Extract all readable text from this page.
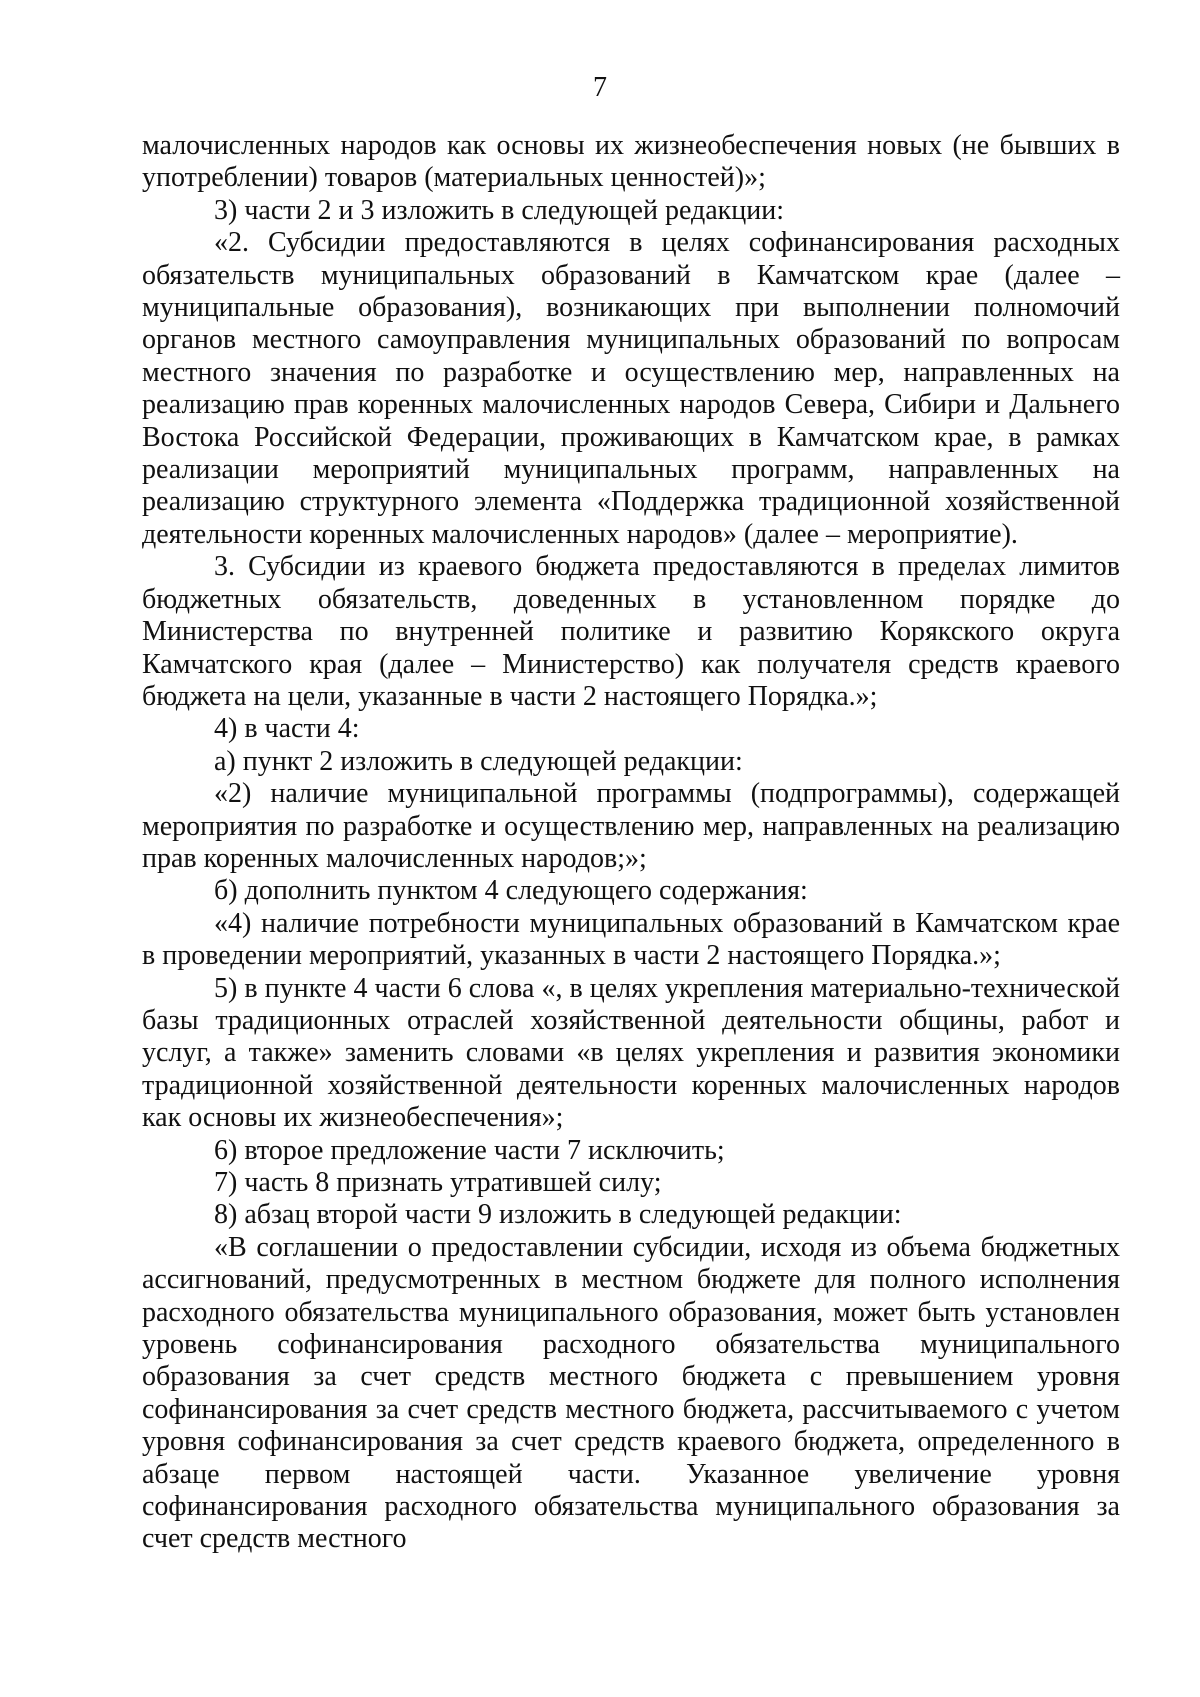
7

малочисленных народов как основы их жизнеобеспечения новых (не бывших в употреблении) товаров (материальных ценностей)»;

3) части 2 и 3 изложить в следующей редакции:

«2. Субсидии предоставляются в целях софинансирования расходных обязательств муниципальных образований в Камчатском крае (далее – муниципальные образования), возникающих при выполнении полномочий органов местного самоуправления муниципальных образований по вопросам местного значения по разработке и осуществлению мер, направленных на реализацию прав коренных малочисленных народов Севера, Сибири и Дальнего Востока Российской Федерации, проживающих в Камчатском крае, в рамках реализации мероприятий муниципальных программ, направленных на реализацию структурного элемента «Поддержка традиционной хозяйственной деятельности коренных малочисленных народов» (далее – мероприятие).

3. Субсидии из краевого бюджета предоставляются в пределах лимитов бюджетных обязательств, доведенных в установленном порядке до Министерства по внутренней политике и развитию Корякского округа Камчатского края (далее – Министерство) как получателя средств краевого бюджета на цели, указанные в части 2 настоящего Порядка.»;

4) в части 4:

а) пункт 2 изложить в следующей редакции:

«2) наличие муниципальной программы (подпрограммы), содержащей мероприятия по разработке и осуществлению мер, направленных на реализацию прав коренных малочисленных народов;»;

б) дополнить пунктом 4 следующего содержания:

«4) наличие потребности муниципальных образований в Камчатском крае в проведении мероприятий, указанных в части 2 настоящего Порядка.»;

5) в пункте 4 части 6 слова «, в целях укрепления материально-технической базы традиционных отраслей хозяйственной деятельности общины, работ и услуг, а также» заменить словами «в целях укрепления и развития экономики традиционной хозяйственной деятельности коренных малочисленных народов как основы их жизнеобеспечения»;

6) второе предложение части 7 исключить;

7) часть 8 признать утратившей силу;

8) абзац второй части 9 изложить в следующей редакции:

«В соглашении о предоставлении субсидии, исходя из объема бюджетных ассигнований, предусмотренных в местном бюджете для полного исполнения расходного обязательства муниципального образования, может быть установлен уровень софинансирования расходного обязательства муниципального образования за счет средств местного бюджета с превышением уровня софинансирования за счет средств местного бюджета, рассчитываемого с учетом уровня софинансирования за счет средств краевого бюджета, определенного в абзаце первом настоящей части. Указанное увеличение уровня софинансирования расходного обязательства муниципального образования за счет средств местного
